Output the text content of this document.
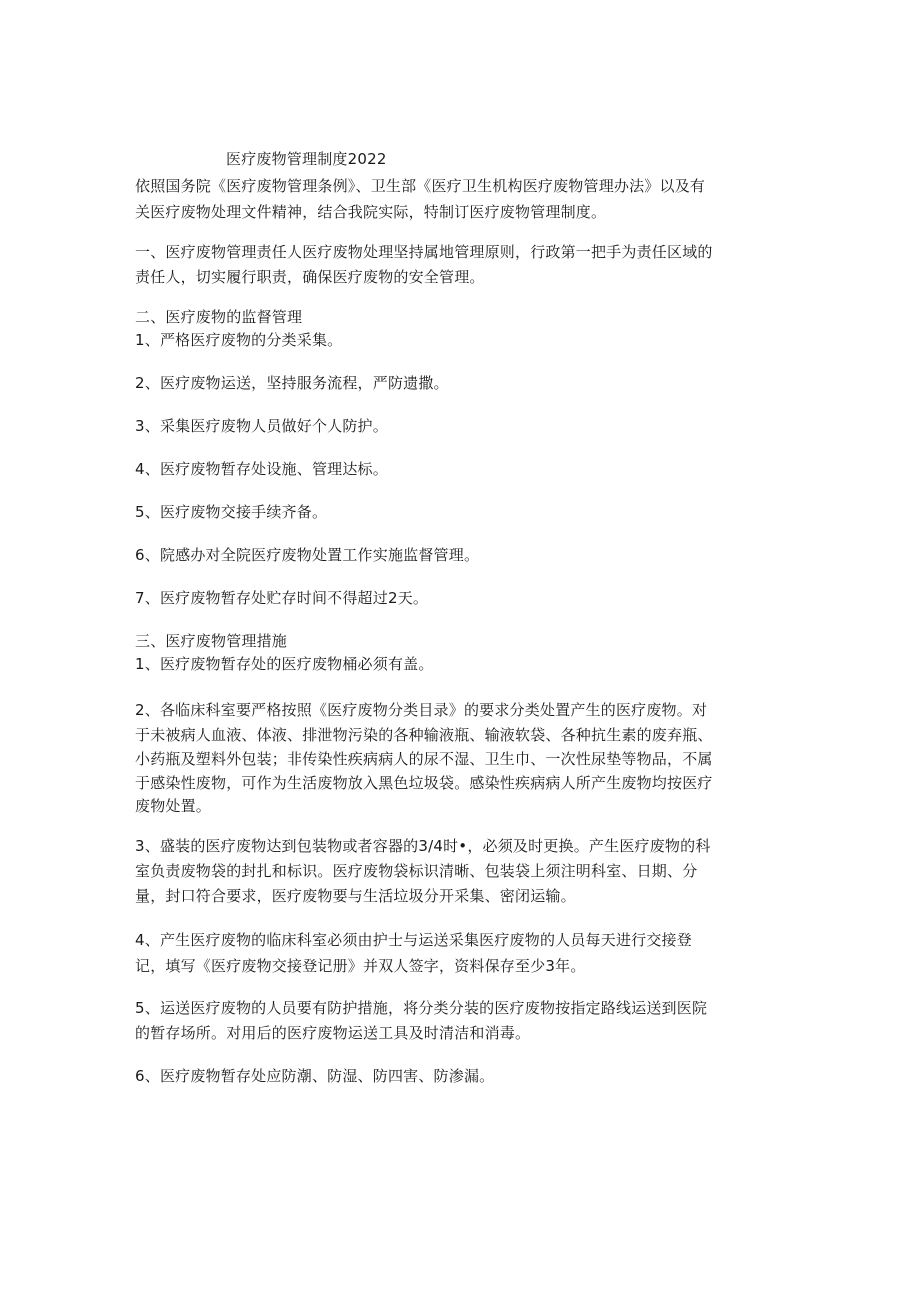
医疗废物管理制度2022
依照国务院《医疗废物管理条例》、卫生部《医疗卫生机构医疗废物管理办法》以及有
关医疗废物处理文件精神，结合我院实际，特制订医疗废物管理制度。
一、医疗废物管理责任人医疗废物处理坚持属地管理原则，行政第一把手为责任区域的
责任人，切实履行职责，确保医疗废物的安全管理。
二、医疗废物的监督管理
1、严格医疗废物的分类采集。
2、医疗废物运送，坚持服务流程，严防遗撒。
3、采集医疗废物人员做好个人防护。
4、医疗废物暂存处设施、管理达标。
5、医疗废物交接手续齐备。
6、院感办对全院医疗废物处置工作实施监督管理。
7、医疗废物暂存处贮存时间不得超过2天。
三、医疗废物管理措施
1、医疗废物暂存处的医疗废物桶必须有盖。
2、各临床科室要严格按照《医疗废物分类目录》的要求分类处置产生的医疗废物。对
于未被病人血液、体液、排泄物污染的各种输液瓶、输液软袋、各种抗生素的废弃瓶、
小药瓶及塑料外包装；非传染性疾病病人的尿不湿、卫生巾、一次性尿垫等物品，不属
于感染性废物，可作为生活废物放入黑色垃圾袋。感染性疾病病人所产生废物均按医疗
废物处置。
3、盛装的医疗废物达到包装物或者容器的3/4时•，必须及时更换。产生医疗废物的科
室负责废物袋的封扎和标识。医疗废物袋标识清晰、包装袋上须注明科室、日期、分
量，封口符合要求，医疗废物要与生活垃圾分开采集、密闭运输。
4、产生医疗废物的临床科室必须由护士与运送采集医疗废物的人员每天进行交接登
记，填写《医疗废物交接登记册》并双人签字，资料保存至少3年。
5、运送医疗废物的人员要有防护措施，将分类分装的医疗废物按指定路线运送到医院
的暂存场所。对用后的医疗废物运送工具及时清洁和消毒。
6、医疗废物暂存处应防潮、防湿、防四害、防渗漏。
